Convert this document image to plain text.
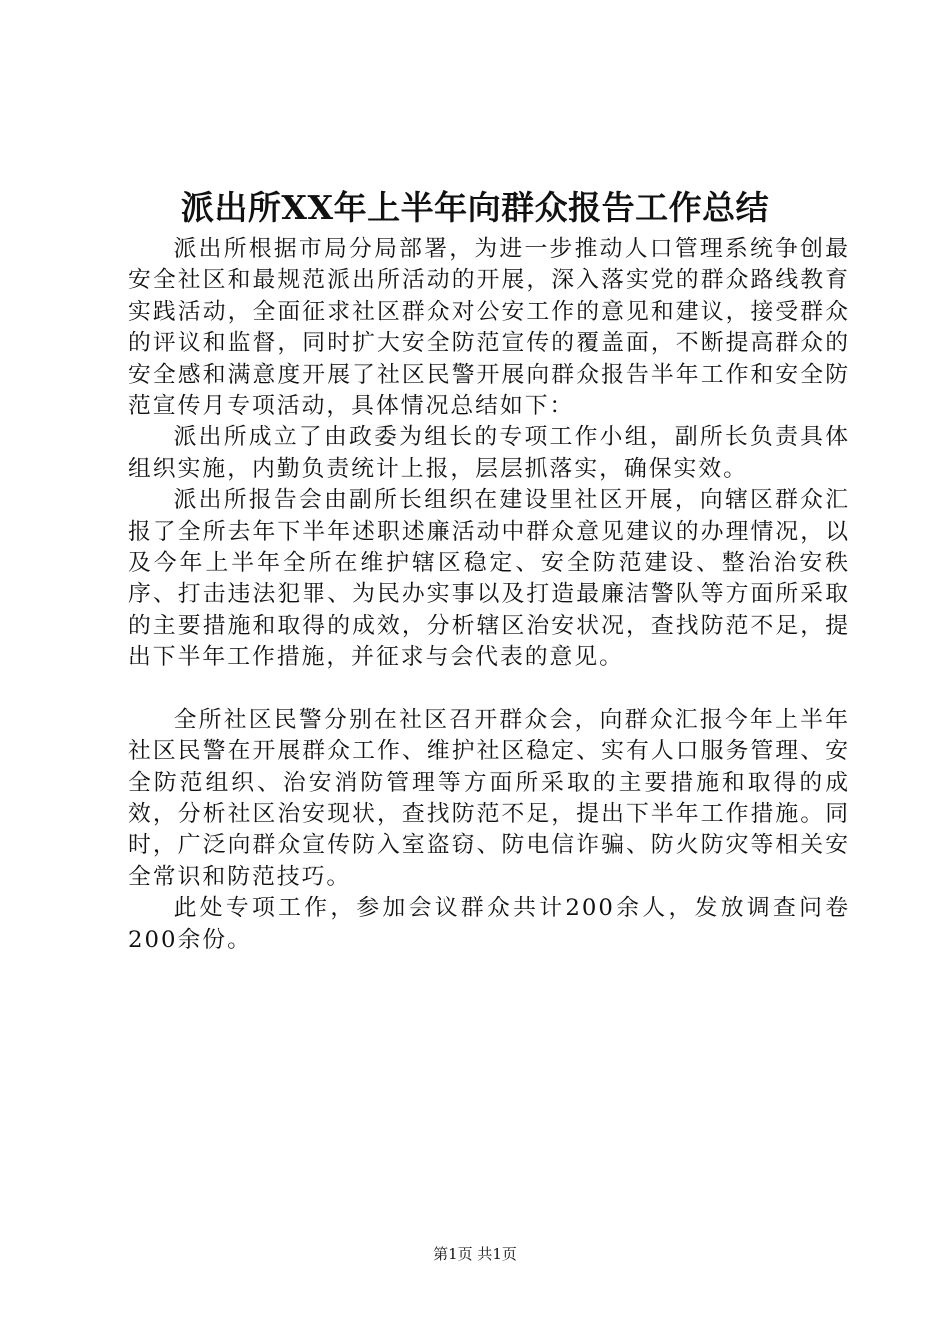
派出所XX年上半年向群众报告工作总结

派出所根据市局分局部署，为进一步推动人口管理系统争创最安全社区和最规范派出所活动的开展，深入落实党的群众路线教育实践活动，全面征求社区群众对公安工作的意见和建议，接受群众的评议和监督，同时扩大安全防范宣传的覆盖面，不断提高群众的安全感和满意度开展了社区民警开展向群众报告半年工作和安全防范宣传月专项活动，具体情况总结如下：

派出所成立了由政委为组长的专项工作小组，副所长负责具体组织实施，内勤负责统计上报，层层抓落实，确保实效。

派出所报告会由副所长组织在建设里社区开展，向辖区群众汇报了全所去年下半年述职述廉活动中群众意见建议的办理情况，以及今年上半年全所在维护辖区稳定、安全防范建设、整治治安秩序、打击违法犯罪、为民办实事以及打造最廉洁警队等方面所采取的主要措施和取得的成效，分析辖区治安状况，查找防范不足，提出下半年工作措施，并征求与会代表的意见。

全所社区民警分别在社区召开群众会，向群众汇报今年上半年社区民警在开展群众工作、维护社区稳定、实有人口服务管理、安全防范组织、治安消防管理等方面所采取的主要措施和取得的成效，分析社区治安现状，查找防范不足，提出下半年工作措施。同时，广泛向群众宣传防入室盗窃、防电信诈骗、防火防灾等相关安全常识和防范技巧。

此处专项工作，参加会议群众共计200余人，发放调查问卷200余份。

第1页 共1页
